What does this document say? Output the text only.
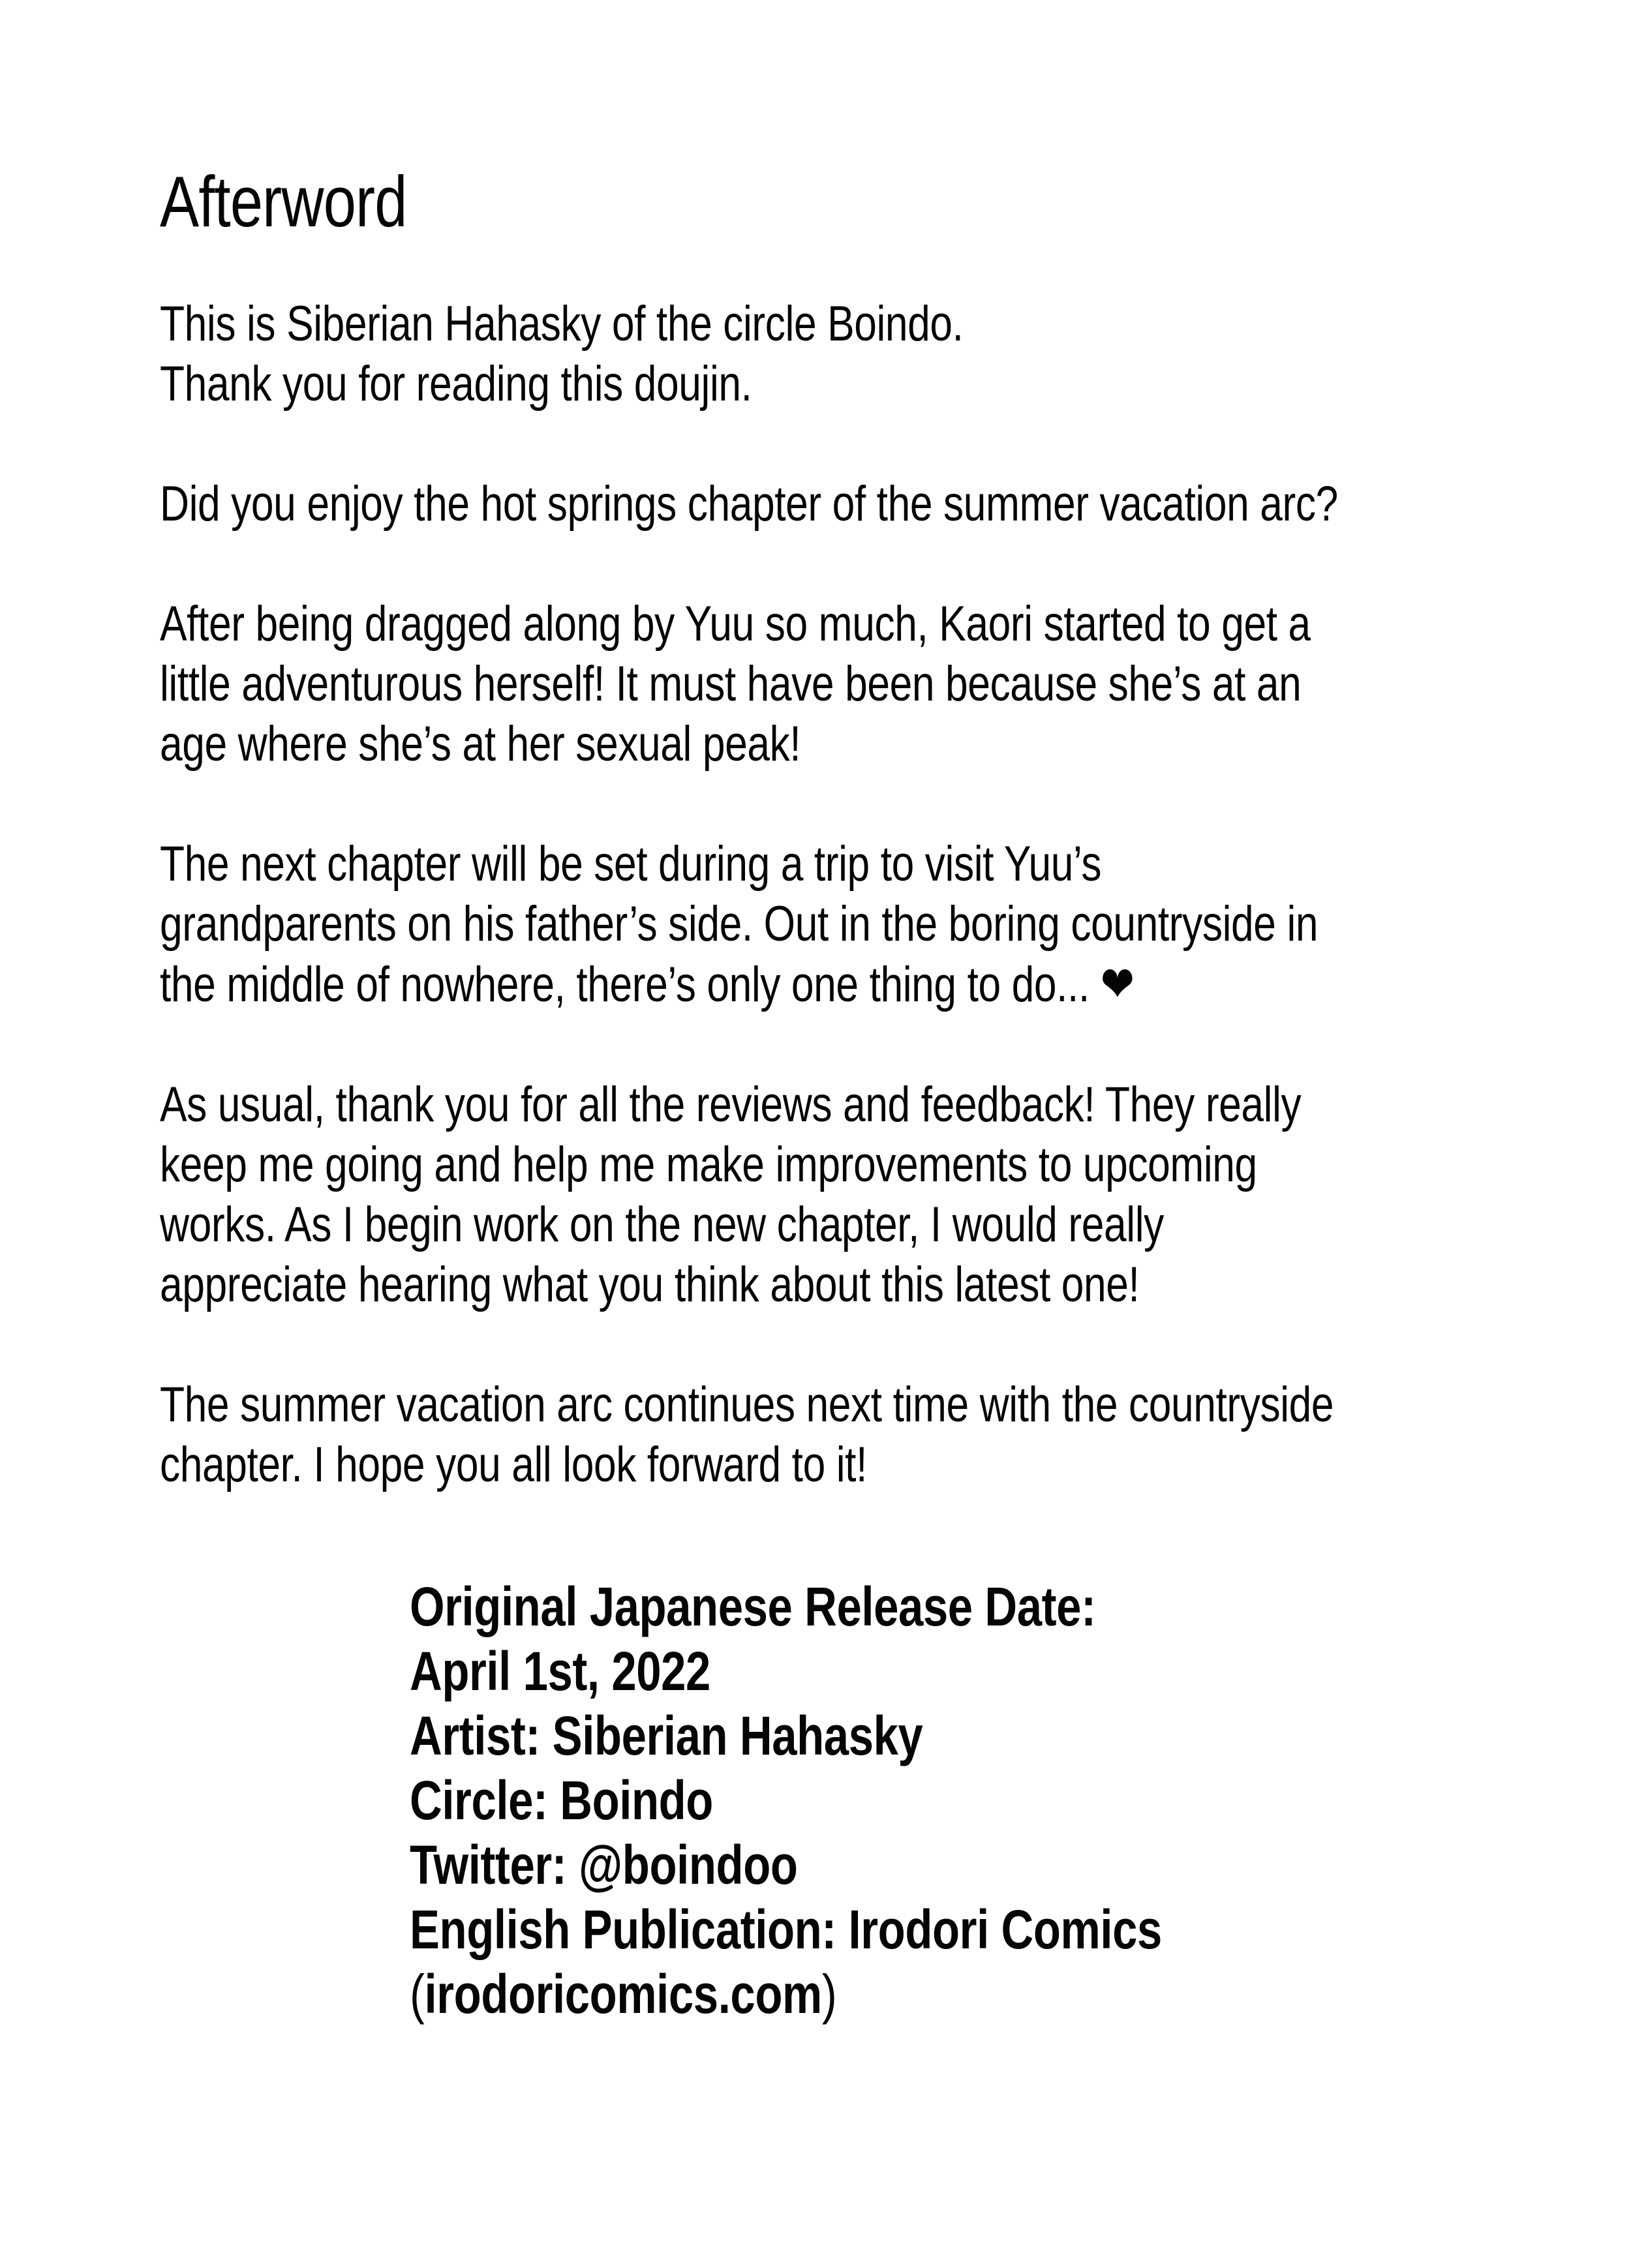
Afterword

This is Siberian Hahasky of the circle Boindo.
Thank you for reading this doujin.

Did you enjoy the hot springs chapter of the summer vacation arc?

After being dragged along by Yuu so much, Kaori started to get a
little adventurous herself! It must have been because she’s at an
age where she’s at her sexual peak!

The next chapter will be set during a trip to visit Yuu’s
grandparents on his father’s side. Out in the boring countryside in
the middle of nowhere, there’s only one thing to do... ❤

As usual, thank you for all the reviews and feedback! They really
keep me going and help me make improvements to upcoming
works. As I begin work on the new chapter, I would really
appreciate hearing what you think about this latest one!

The summer vacation arc continues next time with the countryside
chapter. I hope you all look forward to it!

Original Japanese Release Date:
April 1st, 2022
Artist: Siberian Hahasky
Circle: Boindo
Twitter: @boindoo
English Publication: Irodori Comics
(irodoricomics.com)
